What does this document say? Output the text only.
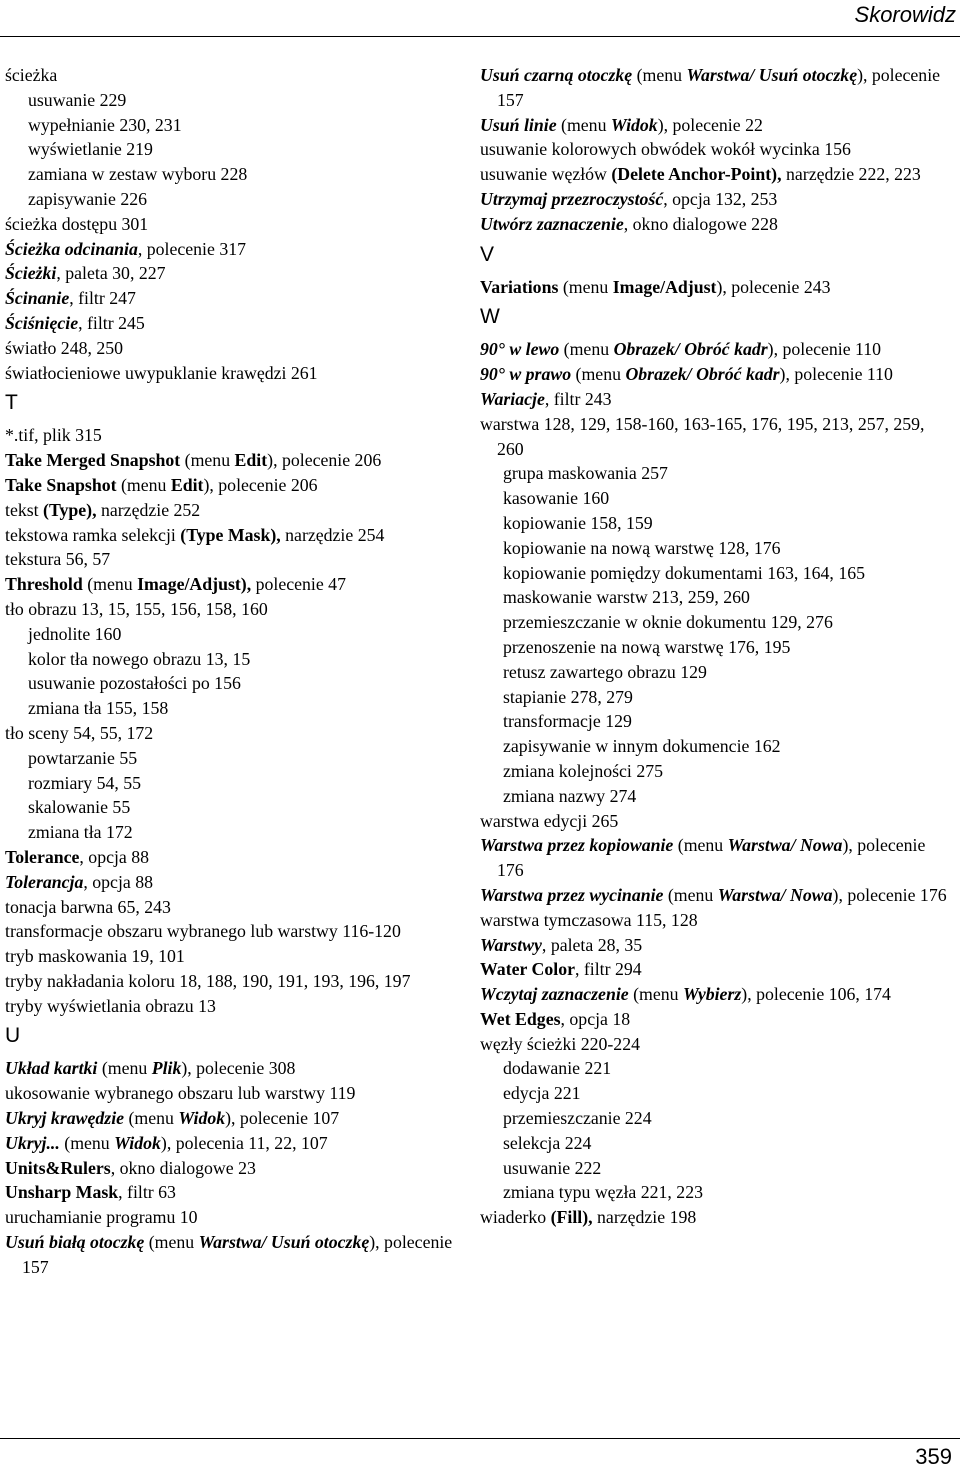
Skorowidz
ścieżka
usuwanie 229
wypełnianie 230, 231
wyświetlanie 219
zamiana w zestaw wyboru 228
zapisywanie 226
ścieżka dostępu 301
Ścieżka odcinania, polecenie 317
Ścieżki, paleta 30, 227
Ścinanie, filtr 247
Ściśnięcie, filtr 245
światło 248, 250
światłocieniowe uwypuklanie krawędzi 261
T
*.tif, plik 315
Take Merged Snapshot (menu Edit), polecenie 206
Take Snapshot (menu Edit), polecenie 206
tekst (Type), narzędzie 252
tekstowa ramka selekcji (Type Mask), narzędzie 254
tekstura 56, 57
Threshold (menu Image/Adjust), polecenie 47
tło obrazu 13, 15, 155, 156, 158, 160
jednolite 160
kolor tła nowego obrazu 13, 15
usuwanie pozostałości po 156
zmiana tła 155, 158
tło sceny 54, 55, 172
powtarzanie 55
rozmiary 54, 55
skalowanie 55
zmiana tła 172
Tolerance, opcja 88
Tolerancja, opcja 88
tonacja barwna 65, 243
transformacje obszaru wybranego lub warstwy 116-120
tryb maskowania 19, 101
tryby nakładania koloru 18, 188, 190, 191, 193, 196, 197
tryby wyświetlania obrazu 13
U
Układ kartki (menu Plik), polecenie 308
ukosowanie wybranego obszaru lub warstwy 119
Ukryj krawędzie (menu Widok), polecenie 107
Ukryj... (menu Widok), polecenia 11, 22, 107
Units&Rulers, okno dialogowe 23
Unsharp Mask, filtr 63
uruchamianie programu 10
Usuń białą otoczkę (menu Warstwa/ Usuń otoczkę), polecenie 157
Usuń czarną otoczkę (menu Warstwa/ Usuń otoczkę), polecenie 157
Usuń linie (menu Widok), polecenie 22
usuwanie kolorowych obwódek wokół wycinka 156
usuwanie węzłów (Delete Anchor-Point), narzędzie 222, 223
Utrzymaj przezroczystość, opcja 132, 253
Utwórz zaznaczenie, okno dialogowe 228
V
Variations (menu Image/Adjust), polecenie 243
W
90° w lewo (menu Obrazek/ Obróć kadr), polecenie 110
90° w prawo (menu Obrazek/ Obróć kadr), polecenie 110
Wariacje, filtr 243
warstwa 128, 129, 158-160, 163-165, 176, 195, 213, 257, 259, 260
grupa maskowania 257
kasowanie 160
kopiowanie 158, 159
kopiowanie na nową warstwę 128, 176
kopiowanie pomiędzy dokumentami 163, 164, 165
maskowanie warstw 213, 259, 260
przemieszczanie w oknie dokumentu 129, 276
przenoszenie na nową warstwę 176, 195
retusz zawartego obrazu 129
stapianie 278, 279
transformacje 129
zapisywanie w innym dokumencie 162
zmiana kolejności 275
zmiana nazwy 274
warstwa edycji 265
Warstwa przez kopiowanie (menu Warstwa/ Nowa), polecenie 176
Warstwa przez wycinanie (menu Warstwa/ Nowa), polecenie 176
warstwa tymczasowa 115, 128
Warstwy, paleta 28, 35
Water Color, filtr 294
Wczytaj zaznaczenie (menu Wybierz), polecenie 106, 174
Wet Edges, opcja 18
węzły ścieżki 220-224
dodawanie 221
edycja 221
przemieszczanie 224
selekcja 224
usuwanie 222
zmiana typu węzła 221, 223
wiaderko (Fill), narzędzie 198
359
